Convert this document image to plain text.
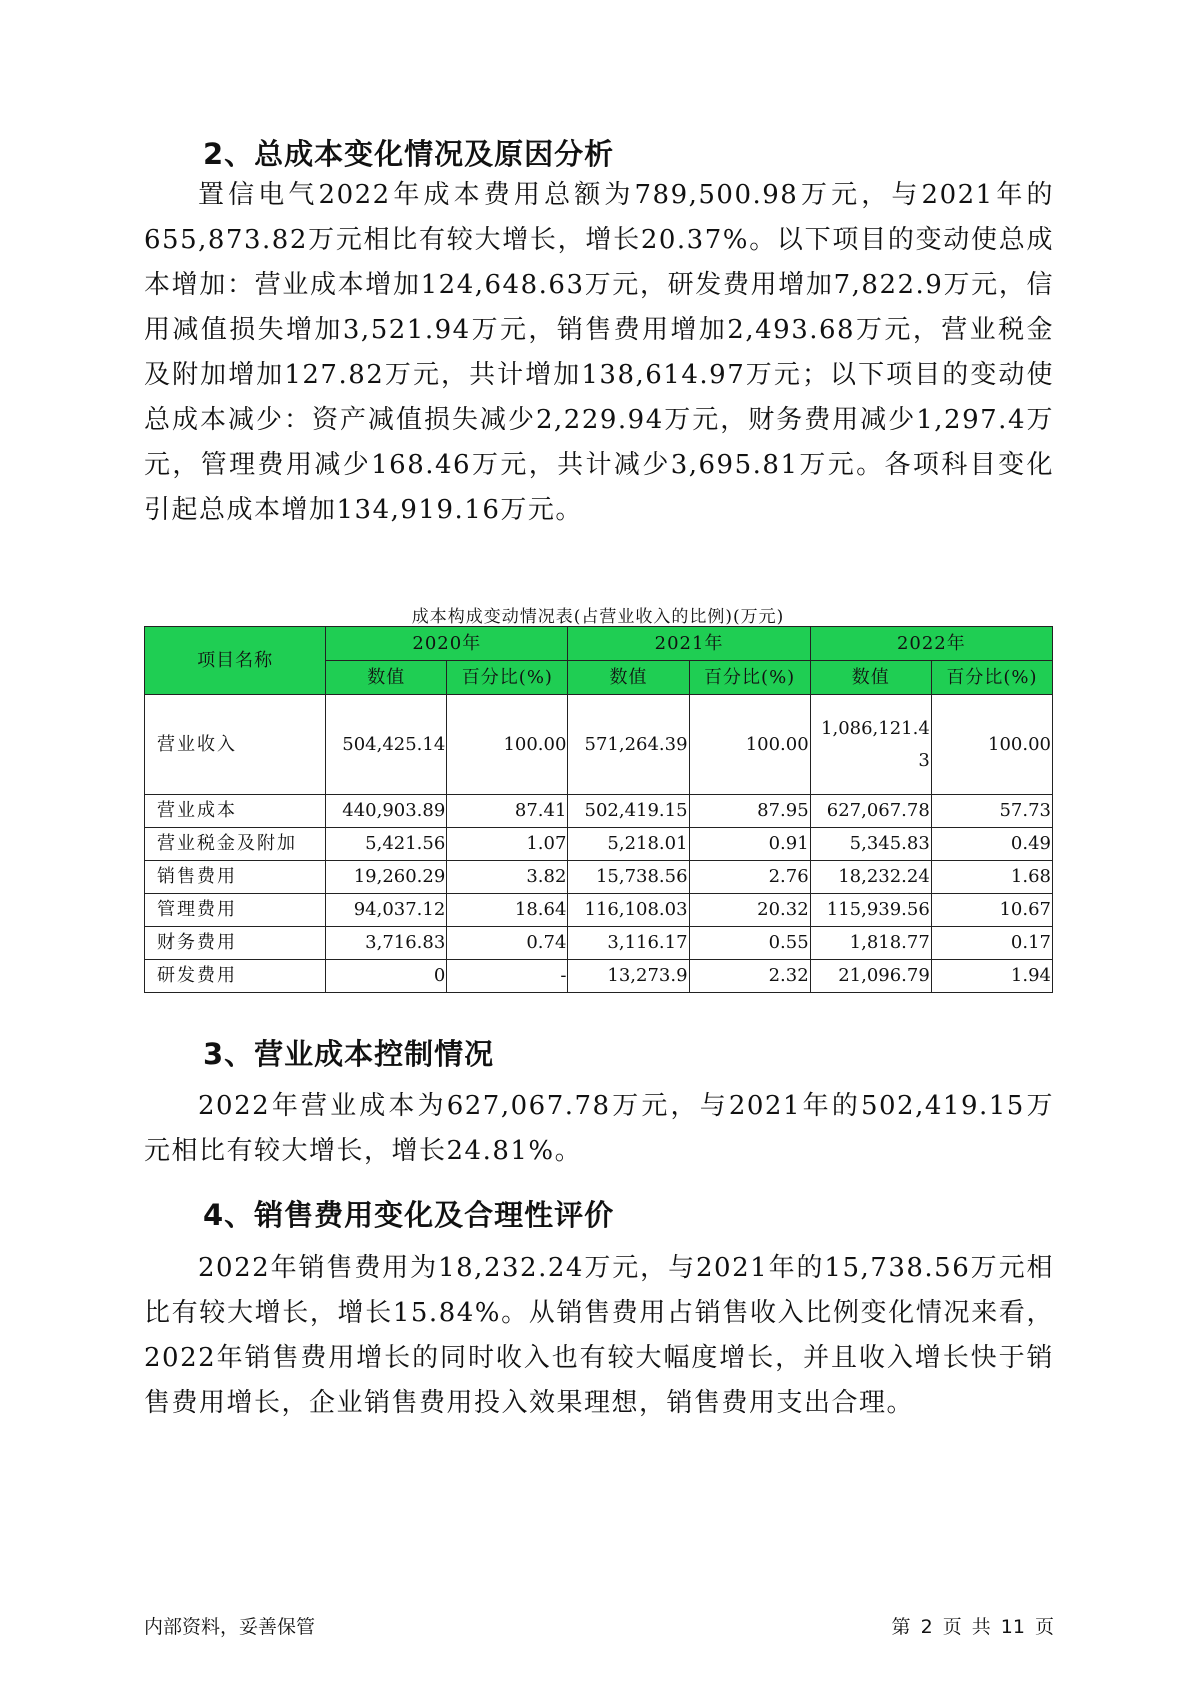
2、总成本变化情况及原因分析

置信电气2022年成本费用总额为789,500.98万元，与2021年的655,873.82万元相比有较大增长，增长20.37%。以下项目的变动使总成本增加：营业成本增加124,648.63万元，研发费用增加7,822.9万元，信用减值损失增加3,521.94万元，销售费用增加2,493.68万元，营业税金及附加增加127.82万元，共计增加138,614.97万元；以下项目的变动使总成本减少：资产减值损失减少2,229.94万元，财务费用减少1,297.4万元，管理费用减少168.46万元，共计减少3,695.81万元。各项科目变化引起总成本增加134,919.16万元。

成本构成变动情况表(占营业收入的比例)(万元)
项目名称	2020年		2021年		2022年	
	数值	百分比(%)	数值	百分比(%)	数值	百分比(%)
营业收入	504,425.14	100.00	571,264.39	100.00	1,086,121.43	100.00
营业成本	440,903.89	87.41	502,419.15	87.95	627,067.78	57.73
营业税金及附加	5,421.56	1.07	5,218.01	0.91	5,345.83	0.49
销售费用	19,260.29	3.82	15,738.56	2.76	18,232.24	1.68
管理费用	94,037.12	18.64	116,108.03	20.32	115,939.56	10.67
财务费用	3,716.83	0.74	3,116.17	0.55	1,818.77	0.17
研发费用	0	-	13,273.9	2.32	21,096.79	1.94
3、营业成本控制情况

2022年营业成本为627,067.78万元，与2021年的502,419.15万元相比有较大增长，增长24.81%。

4、销售费用变化及合理性评价

2022年销售费用为18,232.24万元，与2021年的15,738.56万元相比有较大增长，增长15.84%。从销售费用占销售收入比例变化情况来看，2022年销售费用增长的同时收入也有较大幅度增长，并且收入增长快于销售费用增长，企业销售费用投入效果理想，销售费用支出合理。

内部资料，妥善保管	第 2 页 共 11 页
